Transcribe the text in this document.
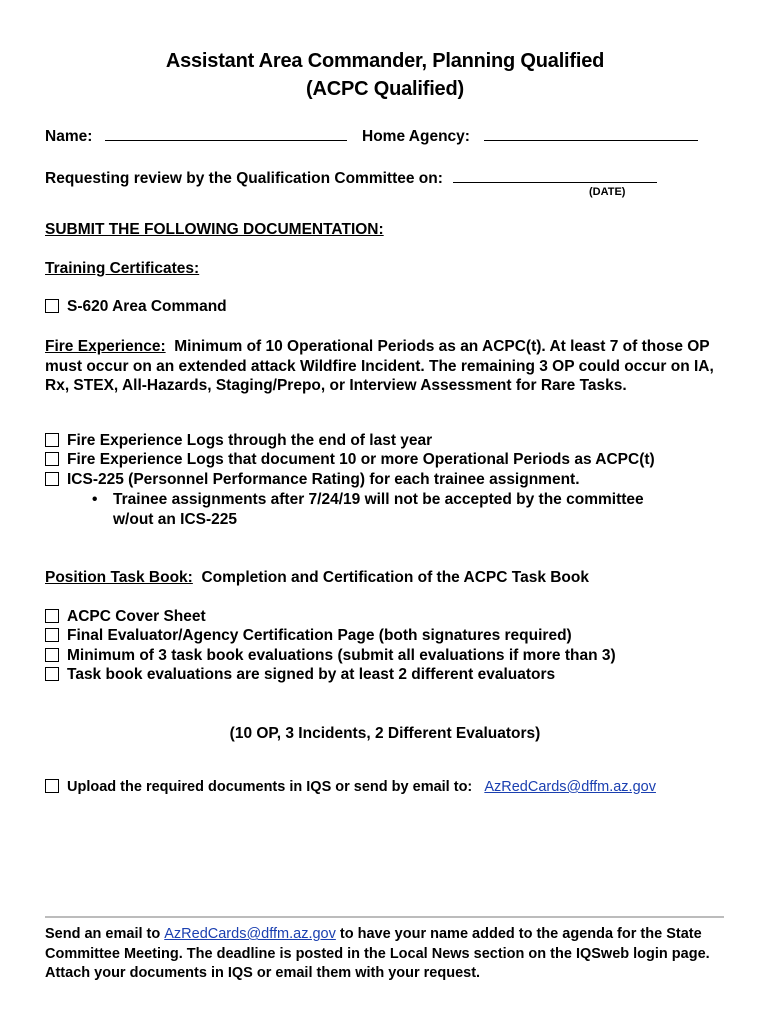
Assistant Area Commander, Planning Qualified
(ACPC Qualified)
Name:	Home Agency:
Requesting review by the Qualification Committee on:
(DATE)
SUBMIT THE FOLLOWING DOCUMENTATION:
Training Certificates:
S-620 Area Command
Fire Experience: Minimum of 10 Operational Periods as an ACPC(t). At least 7 of those OP must occur on an extended attack Wildfire Incident. The remaining 3 OP could occur on IA, Rx, STEX, All-Hazards, Staging/Prepo, or Interview Assessment for Rare Tasks.
Fire Experience Logs through the end of last year
Fire Experience Logs that document 10 or more Operational Periods as ACPC(t)
ICS-225 (Personnel Performance Rating) for each trainee assignment.
• Trainee assignments after 7/24/19 will not be accepted by the committee
w/out an ICS-225
Position Task Book: Completion and Certification of the ACPC Task Book
ACPC Cover Sheet
Final Evaluator/Agency Certification Page (both signatures required)
Minimum of 3 task book evaluations (submit all evaluations if more than 3)
Task book evaluations are signed by at least 2 different evaluators
(10 OP, 3 Incidents, 2 Different Evaluators)
Upload the required documents in IQS or send by email to: AzRedCards@dffm.az.gov
Send an email to AzRedCards@dffm.az.gov to have your name added to the agenda for the State Committee Meeting. The deadline is posted in the Local News section on the IQSweb login page. Attach your documents in IQS or email them with your request.
